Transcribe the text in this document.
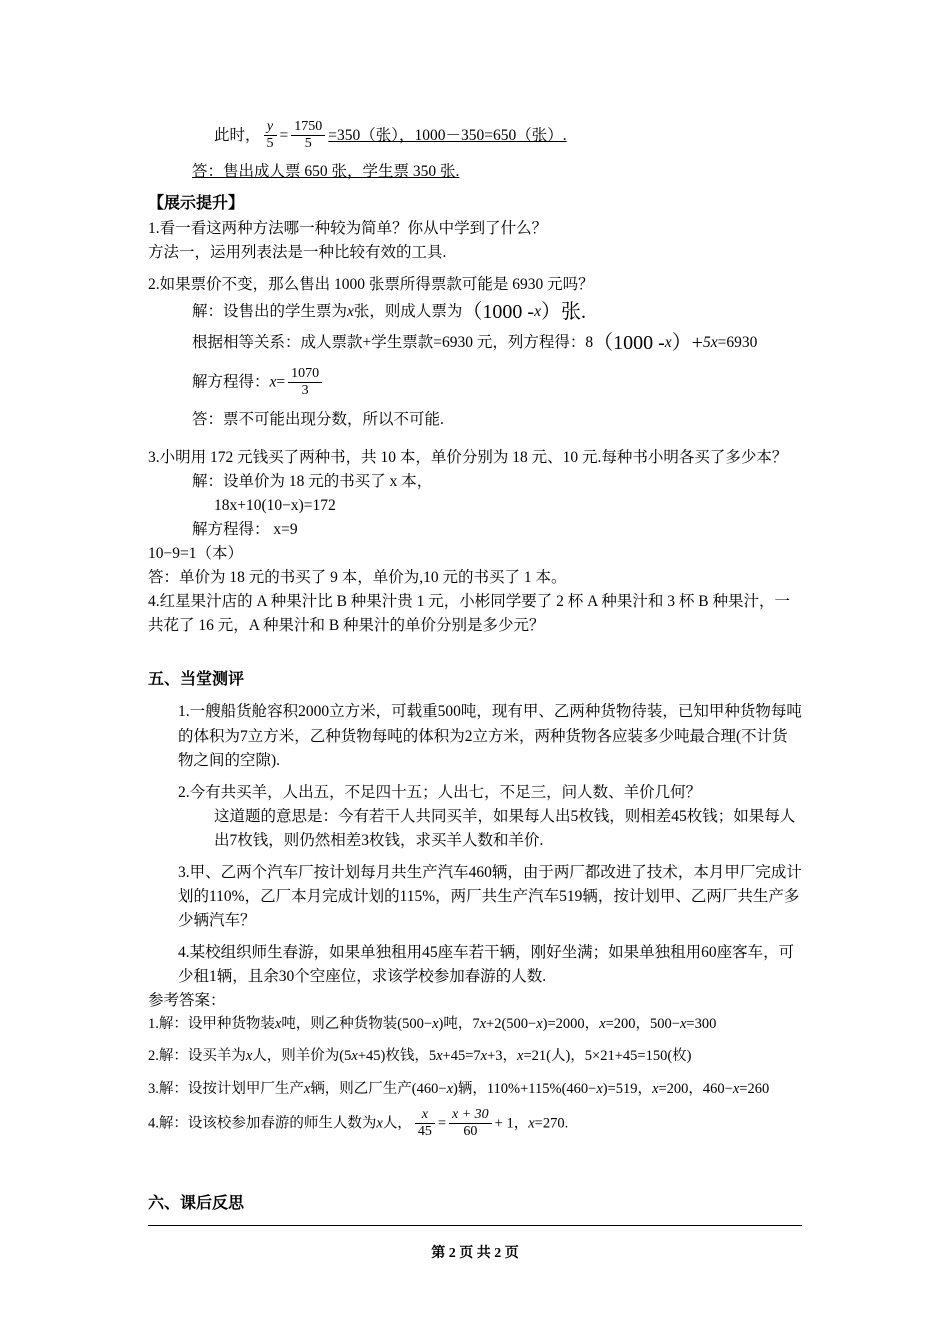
此时， $\frac{y}{5} = \frac{1750}{5} =350$（张），1000－350=650（张）.
答：售出成人票 650 张，学生票 350 张.
【展示提升】
1.看一看这两种方法哪一种较为简单？你从中学到了什么？
方法一，运用列表法是一种比较有效的工具.
2.如果票价不变，那么售出 1000 张票所得票款可能是 6930 元吗？
解：设售出的学生票为x张，则成人票为（1000 -x）张.
根据相等关系：成人票款+学生票款=6930 元，列方程得：8（1000 -x）+5x=6930
解方程得：$x= \frac{1070}{3}$
答：票不可能出现分数，所以不可能.
3.小明用 172 元钱买了两种书，共 10 本，单价分别为 18 元、10 元.每种书小明各买了多少本？
解：设单价为 18 元的书买了 x 本，
18x+10(10−x)=172
解方程得： x=9
10−9=1（本）
答：单价为 18 元的书买了 9 本，单价为,10 元的书买了 1 本。
4.红星果汁店的 A 种果汁比 B 种果汁贵 1 元，小彬同学要了 2 杯 A 种果汁和 3 杯 B 种果汁，一共花了 16 元，A 种果汁和 B 种果汁的单价分别是多少元？
五、当堂测评
1.一艘船货舱容积2000立方米，可载重500吨，现有甲、乙两种货物待装，已知甲种货物每吨的体积为7立方米，乙种货物每吨的体积为2立方米，两种货物各应装多少吨最合理(不计货物之间的空隙).
2.今有共买羊，人出五，不足四十五；人出七，不足三，问人数、羊价几何？
这道题的意思是：今有若干人共同买羊，如果每人出5枚钱，则相差45枚钱；如果每人出7枚钱，则仍然相差3枚钱，求买羊人数和羊价.
3.甲、乙两个汽车厂按计划每月共生产汽车460辆，由于两厂都改进了技术，本月甲厂完成计划的110%，乙厂本月完成计划的115%，两厂共生产汽车519辆，按计划甲、乙两厂共生产多少辆汽车？
4.某校组织师生春游，如果单独租用45座车若干辆，刚好坐满；如果单独租用60座客车，可少租1辆，且余30个空座位，求该学校参加春游的人数.
参考答案：
1.解：设甲种货物装x吨，则乙种货物装(500−x)吨，7x+2(500−x)=2000，x=200，500−x=300
2.解：设买羊为x人，则羊价为(5x+45)枚钱，5x+45=7x+3，x=21(人)，5×21+45=150(枚)
3.解：设按计划甲厂生产x辆，则乙厂生产(460−x)辆，110%+115%(460−x)=519，x=200，460−x=260
4.解：设该校参加春游的师生人数为x人， $\frac{x}{45} = \frac{x + 30}{60} + 1$，x=270.
六、课后反思
第 2 页 共 2 页
